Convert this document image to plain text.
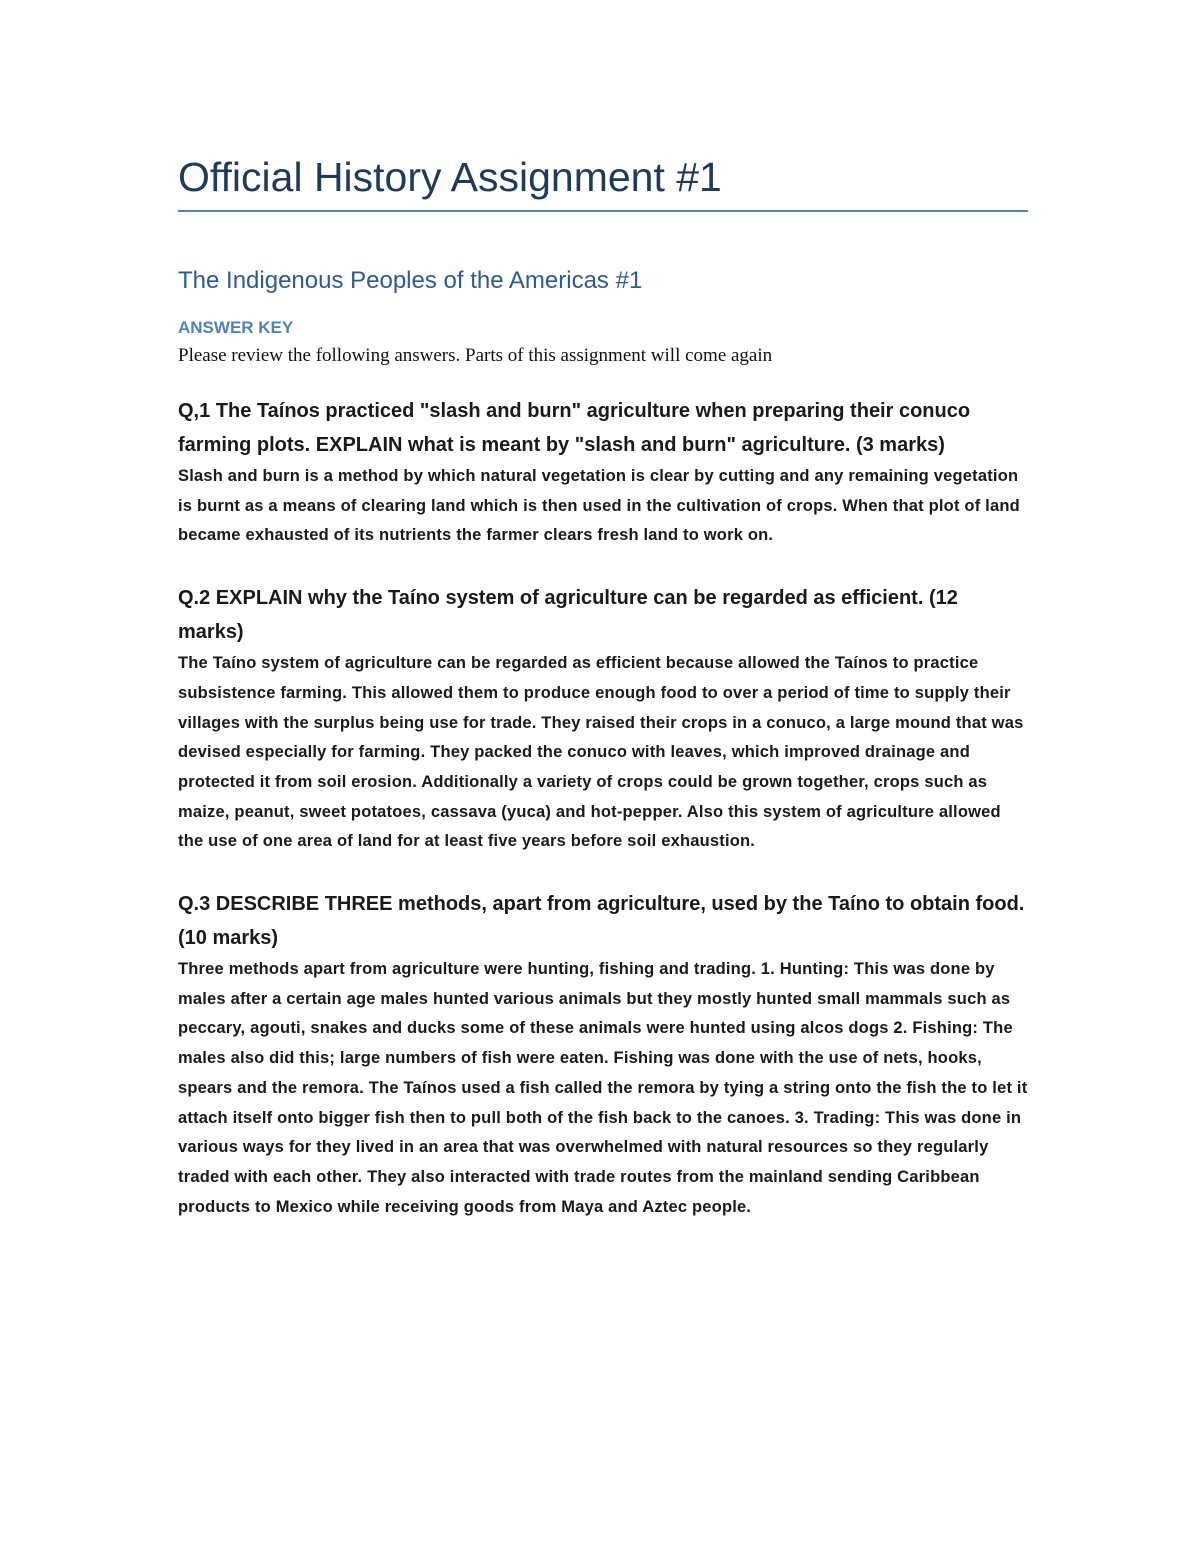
Official History Assignment #1
The Indigenous Peoples of the Americas #1
ANSWER KEY
Please review the following answers. Parts of this assignment will come again

Q,1 The Taínos practiced "slash and burn" agriculture when preparing their conuco farming plots. EXPLAIN what is meant by "slash and burn" agriculture. (3 marks)

Slash and burn is a method by which natural vegetation is clear by cutting and any remaining vegetation is burnt as a means of clearing land which is then used in the cultivation of crops. When that plot of land became exhausted of its nutrients the farmer clears fresh land to work on.

Q.2 EXPLAIN why the Taíno system of agriculture can be regarded as efficient. (12 marks)

The Taíno system of agriculture can be regarded as efficient because allowed the Taínos to practice subsistence farming. This allowed them to produce enough food to over a period of time to supply their villages with the surplus being use for trade. They raised their crops in a conuco, a large mound that was devised especially for farming. They packed the conuco with leaves, which improved drainage and protected it from soil erosion. Additionally a variety of crops could be grown together, crops such as maize, peanut, sweet potatoes, cassava (yuca) and hot-pepper. Also this system of agriculture allowed the use of one area of land for at least five years before soil exhaustion.

Q.3 DESCRIBE THREE methods, apart from agriculture, used by the Taíno to obtain food. (10 marks)

Three methods apart from agriculture were hunting, fishing and trading. 1. Hunting: This was done by males after a certain age males hunted various animals but they mostly hunted small mammals such as peccary, agouti, snakes and ducks some of these animals were hunted using alcos dogs 2. Fishing: The males also did this; large numbers of fish were eaten. Fishing was done with the use of nets, hooks, spears and the remora. The Taínos used a fish called the remora by tying a string onto the fish the to let it attach itself onto bigger fish then to pull both of the fish back to the canoes. 3. Trading: This was done in various ways for they lived in an area that was overwhelmed with natural resources so they regularly traded with each other. They also interacted with trade routes from the mainland sending Caribbean products to Mexico while receiving goods from Maya and Aztec people.
